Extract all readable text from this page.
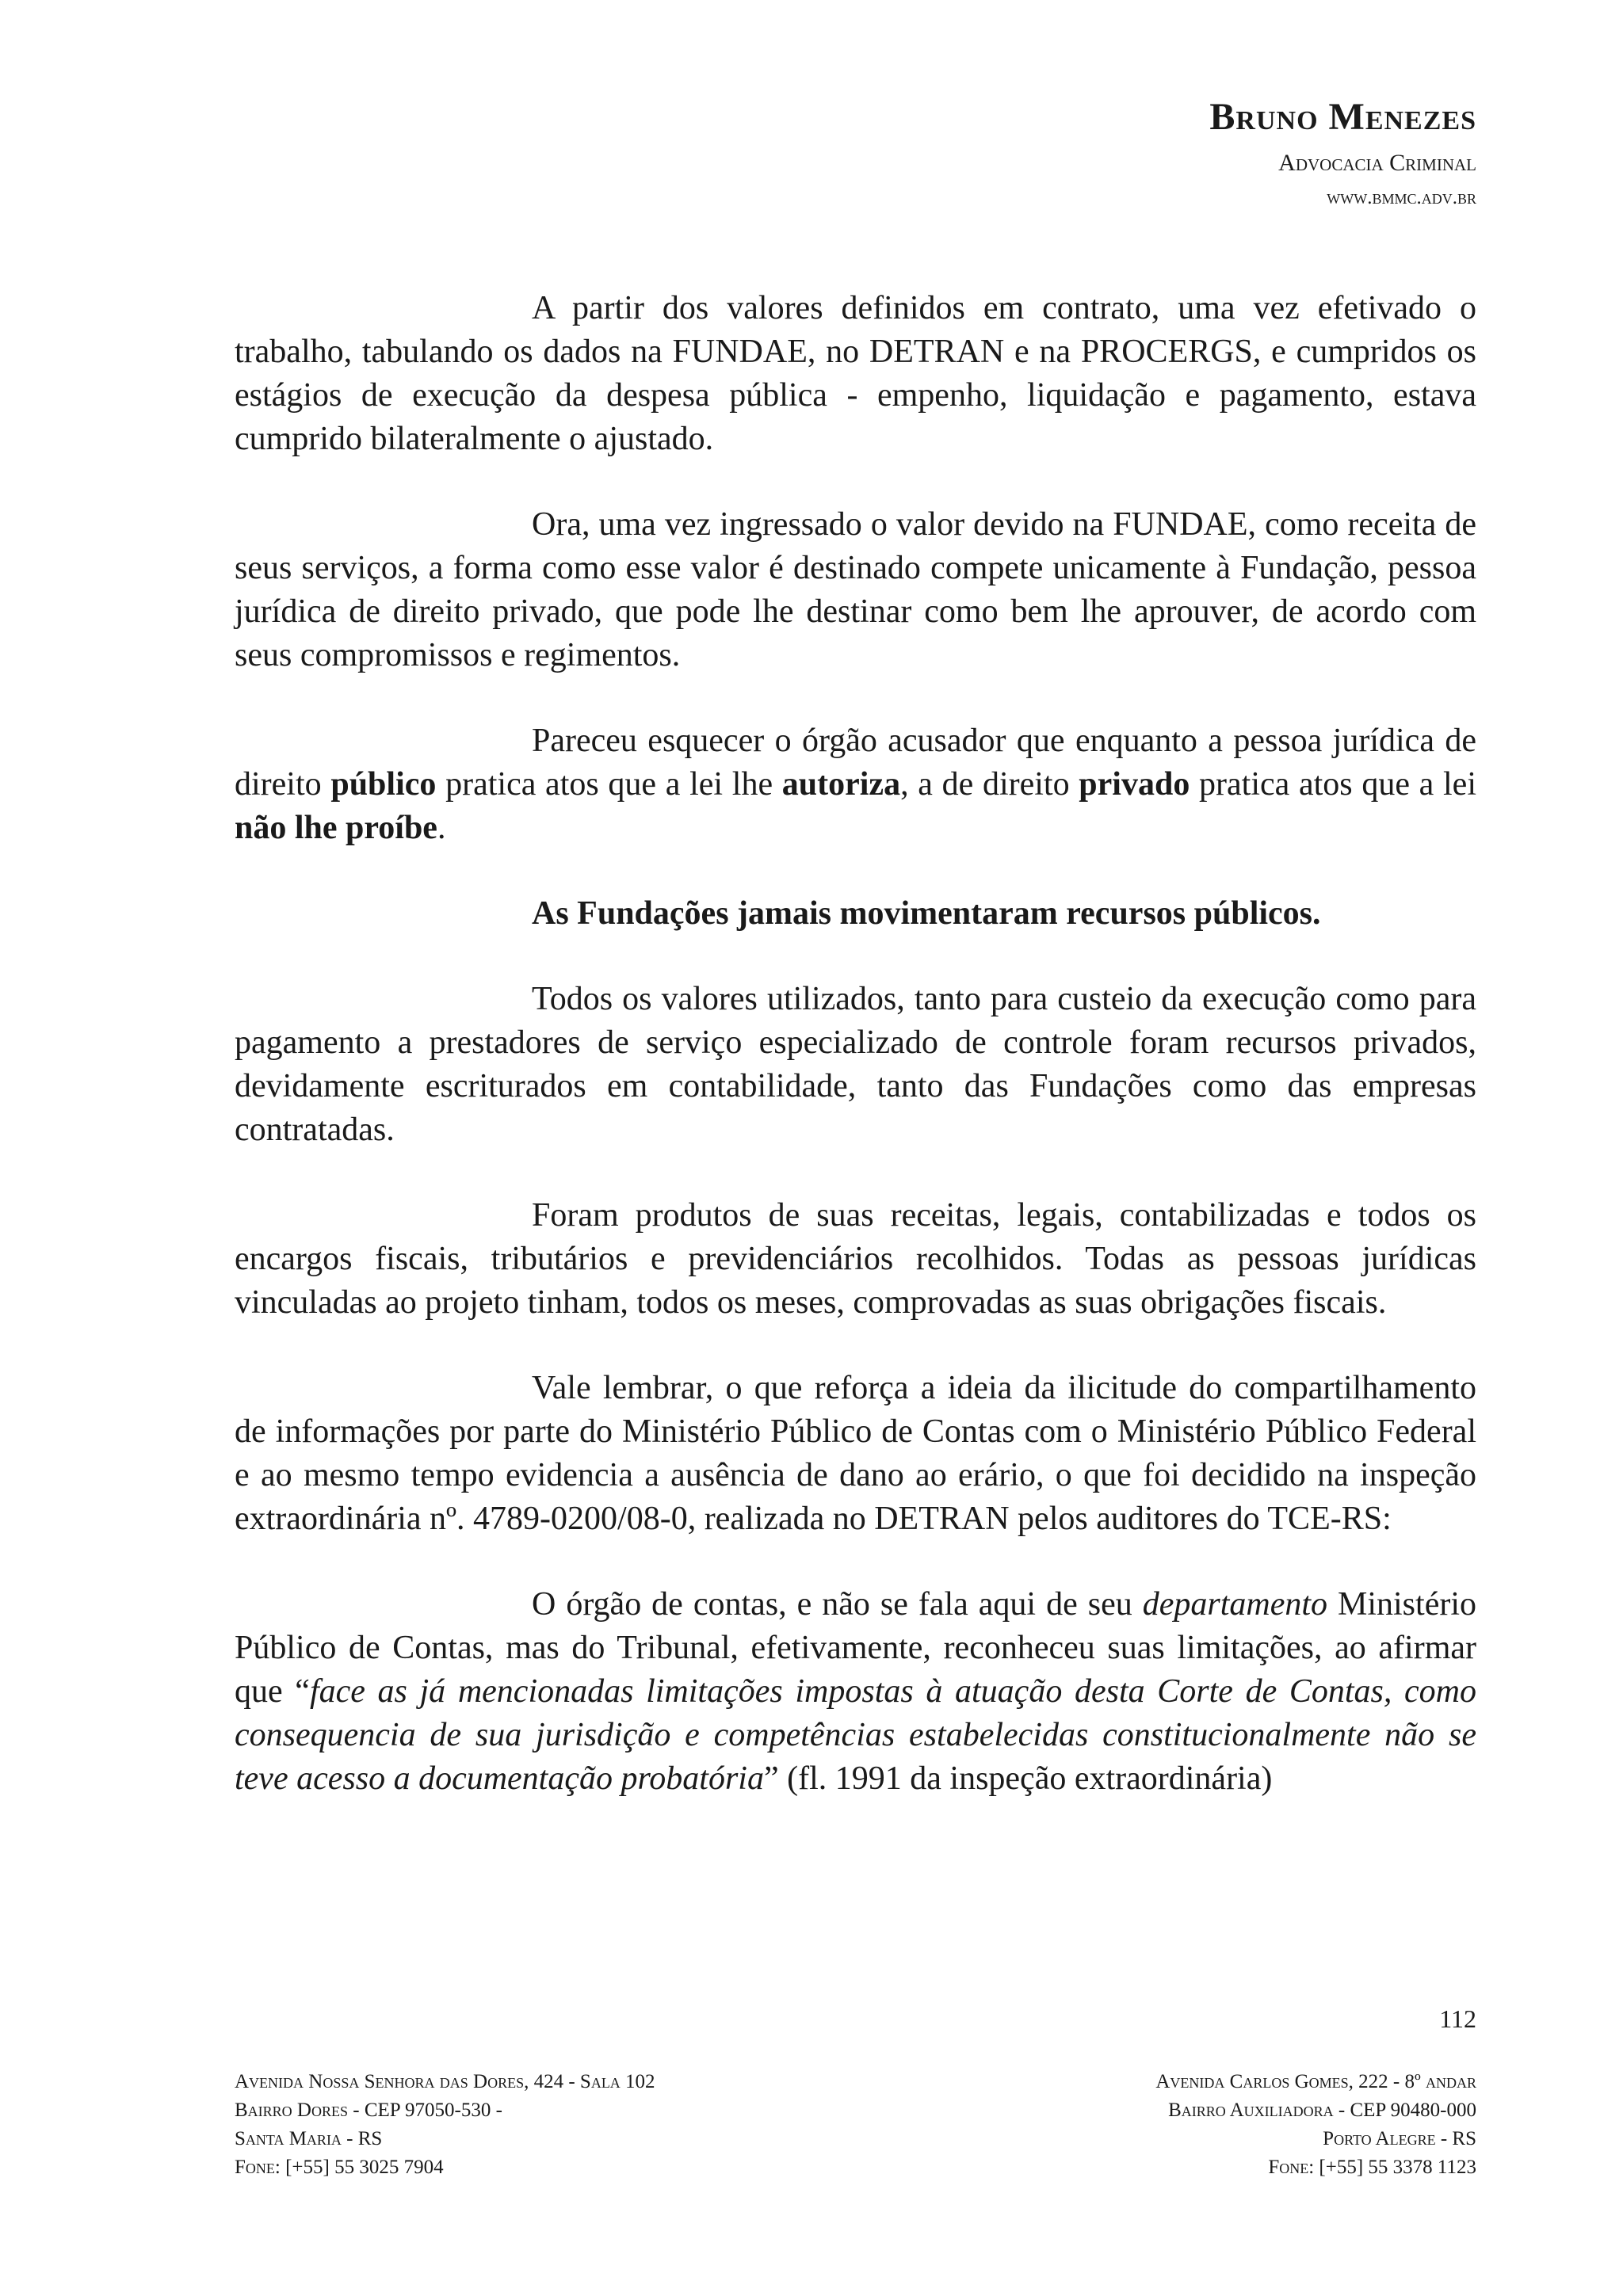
Bruno Menezes
Advocacia Criminal
www.bmmc.adv.br

A partir dos valores definidos em contrato, uma vez efetivado o trabalho, tabulando os dados na FUNDAE, no DETRAN e na PROCERGS, e cumpridos os estágios de execução da despesa pública - empenho, liquidação e pagamento, estava cumprido bilateralmente o ajustado.

Ora, uma vez ingressado o valor devido na FUNDAE, como receita de seus serviços, a forma como esse valor é destinado compete unicamente à Fundação, pessoa jurídica de direito privado, que pode lhe destinar como bem lhe aprouver, de acordo com seus compromissos e regimentos.

Pareceu esquecer o órgão acusador que enquanto a pessoa jurídica de direito público pratica atos que a lei lhe autoriza, a de direito privado pratica atos que a lei não lhe proíbe.

As Fundações jamais movimentaram recursos públicos.

Todos os valores utilizados, tanto para custeio da execução como para pagamento a prestadores de serviço especializado de controle foram recursos privados, devidamente escriturados em contabilidade, tanto das Fundações como das empresas contratadas.

Foram produtos de suas receitas, legais, contabilizadas e todos os encargos fiscais, tributários e previdenciários recolhidos. Todas as pessoas jurídicas vinculadas ao projeto tinham, todos os meses, comprovadas as suas obrigações fiscais.

Vale lembrar, o que reforça a ideia da ilicitude do compartilhamento de informações por parte do Ministério Público de Contas com o Ministério Público Federal e ao mesmo tempo evidencia a ausência de dano ao erário, o que foi decidido na inspeção extraordinária nº. 4789-0200/08-0, realizada no DETRAN pelos auditores do TCE-RS:

O órgão de contas, e não se fala aqui de seu departamento Ministério Público de Contas, mas do Tribunal, efetivamente, reconheceu suas limitações, ao afirmar que “face as já mencionadas limitações impostas à atuação desta Corte de Contas, como consequencia de sua jurisdição e competências estabelecidas constitucionalmente não se teve acesso a documentação probatória” (fl. 1991 da inspeção extraordinária)

112
Avenida Nossa Senhora das Dores, 424 - Sala 102
Bairro Dores - CEP 97050-530 -
Santa Maria - RS
Fone: [+55] 55 3025 7904
Avenida Carlos Gomes, 222 - 8º andar
Bairro Auxiliadora - CEP 90480-000
Porto Alegre - RS
Fone: [+55] 55 3378 1123
